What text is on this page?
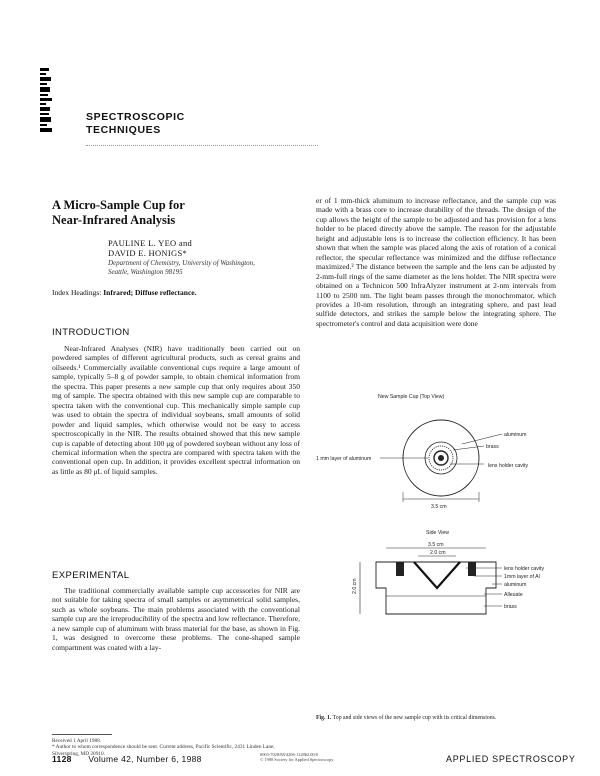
SPECTROSCOPIC
TECHNIQUES
A Micro-Sample Cup for
Near-Infrared Analysis
PAULINE L. YEO and
DAVID E. HONIGS*
Department of Chemistry, University of Washington,
Seattle, Washington 98195
Index Headings: Infrared; Diffuse reflectance.
INTRODUCTION
Near-Infrared Analyses (NIR) have traditionally been carried out on powdered samples of different agricultural products, such as cereal grains and oilseeds.¹ Commercially available conventional cups require a large amount of sample, typically 5–8 g of powder sample, to obtain chemical information from the spectra. This paper presents a new sample cup that only requires about 350 mg of sample. The spectra obtained with this new sample cup are comparable to spectra taken with the conventional cup. This mechanically simple sample cup was used to obtain the spectra of individual soybeans, small amounts of solid powder and liquid samples, which otherwise would not be easy to access spectroscopically in the NIR. The results obtained showed that this new sample cup is capable of detecting about 100 μg of powdered soybean without any loss of chemical information when the spectra are compared with spectra taken with the conventional open cup. In addition, it provides excellent spectral information on as little as 80 μL of liquid samples.
EXPERIMENTAL
The traditional commercially available sample cup accessories for NIR are not suitable for taking spectra of small samples or asymmetrical solid samples, such as whole soybeans. The main problems associated with the conventional sample cup are the irreproducibility of the spectra and low reflectance. Therefore, a new sample cup of aluminum with brass material for the base, as shown in Fig. 1, was designed to overcome these problems. The cone-shaped sample compartment was coated with a lay-
er of 1 mm-thick aluminum to increase reflectance, and the sample cup was made with a brass core to increase durability of the threads. The design of the cup allows the height of the sample to be adjusted and has provision for a lens holder to be placed directly above the sample. The reason for the adjustable height and adjustable lens is to increase the collection efficiency. It has been shown that when the sample was placed along the axis of rotation of a conical reflector, the specular reflectance was minimized and the diffuse reflectance maximized.² The distance between the sample and the lens can be adjusted by 2-mm-full rings of the same diameter as the lens holder. The NIR spectra were obtained on a Technicon 500 InfraAlyzer instrument at 2-nm intervals from 1100 to 2500 nm. The light beam passes through the monochromator, which provides a 10-nm resolution, through an integrating sphere, and past lead sulfide detectors, and strikes the sample below the integrating sphere. The spectrometer's control and data acquisition were done
New Sample Cup (Top View)
aluminum
brass
lens holder cavity
1 mm layer of aluminum
3.5 cm
Side View
3.5 cm
2.0 cm
2.0 cm
lens holder cavity
1mm layer of Al
aluminum
Alleuate
brass
Fig. 1. Top and side views of the new sample cup with its critical dimensions.
Received 1 April 1988.
* Author to whom correspondence should be sent. Current address, Pacific Scientific, 2431 Linden Lane, Silverspring, MD 20910.
1128 Volume 42, Number 6, 1988	0003-7028/88/4206-1128$2.00/0
© 1988 Society for Applied Spectroscopy	APPLIED SPECTROSCOPY
